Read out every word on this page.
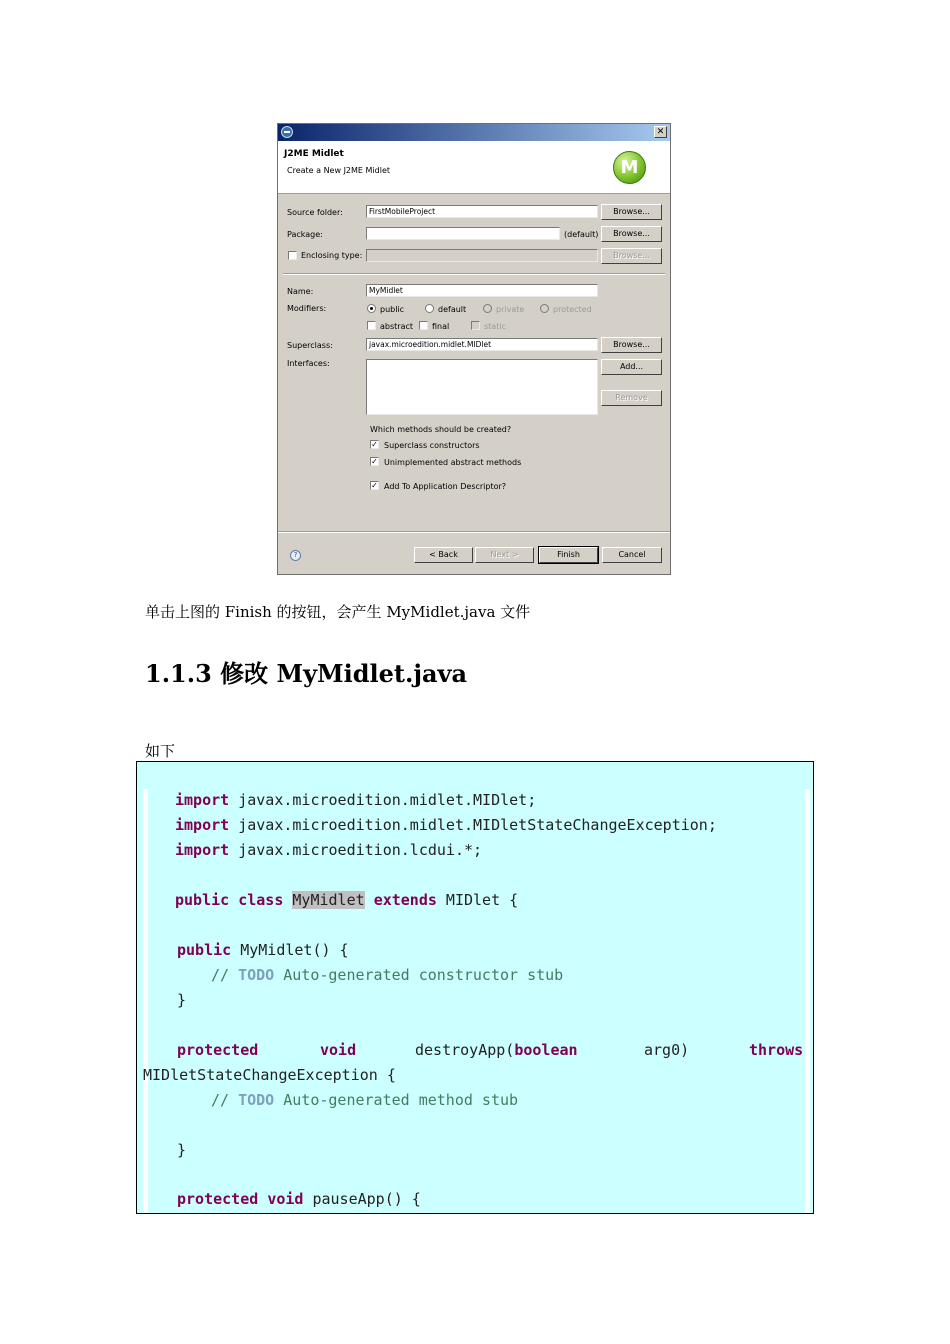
✕
J2ME Midlet
Create a New J2ME Midlet	M
Source folder:	FirstMobileProject	Browse...
Package:	(default)	Browse...
Enclosing type:	Browse...
Name:	MyMidlet
Modifiers:	public	default	private	protected
abstract final	static
Superclass:	javax.microedition.midlet.MIDlet	Browse...
Interfaces:	Add...
Remove
Which methods should be created?
✓ Superclass constructors
✓ Unimplemented abstract methods
✓ Add To Application Descriptor?
?	< Back	Next >	Finish	Cancel
单击上图的 Finish 的按钮，会产生 MyMidlet.java 文件
1.1.3 修改 MyMidlet.java
如下
import javax.microedition.midlet.MIDlet;
import javax.microedition.midlet.MIDletStateChangeException;
import javax.microedition.lcdui.*;
public class MyMidlet extends MIDlet {
public MyMidlet() {
// TODO Auto-generated constructor stub
}
protected	void	destroyApp(boolean	arg0)	throws
MIDletStateChangeException {
// TODO Auto-generated method stub
}
protected void pauseApp() {
